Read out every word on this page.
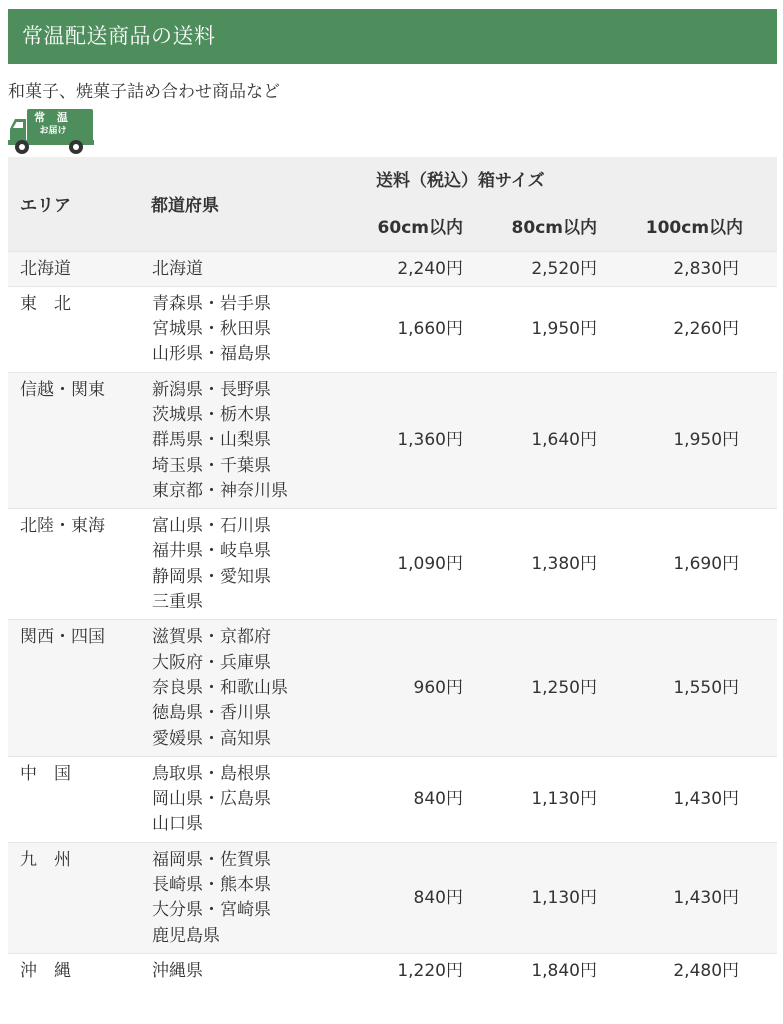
常温配送商品の送料
和菓子、焼菓子詰め合わせ商品など
常 温
お届け
エリア	都道府県	送料（税込）箱サイズ		
		60cm以内	80cm以内	100cm以内
北海道	北海道	2,240円	2,520円	2,830円
東　北	青森県・岩手県
宮城県・秋田県
山形県・福島県	1,660円	1,950円	2,260円
信越・関東	新潟県・長野県
茨城県・栃木県
群馬県・山梨県
埼玉県・千葉県
東京都・神奈川県	1,360円	1,640円	1,950円
北陸・東海	富山県・石川県
福井県・岐阜県
静岡県・愛知県
三重県	1,090円	1,380円	1,690円
関西・四国	滋賀県・京都府
大阪府・兵庫県
奈良県・和歌山県
徳島県・香川県
愛媛県・高知県	960円	1,250円	1,550円
中　国	鳥取県・島根県
岡山県・広島県
山口県	840円	1,130円	1,430円
九　州	福岡県・佐賀県
長崎県・熊本県
大分県・宮崎県
鹿児島県	840円	1,130円	1,430円
沖　縄	沖縄県	1,220円	1,840円	2,480円
